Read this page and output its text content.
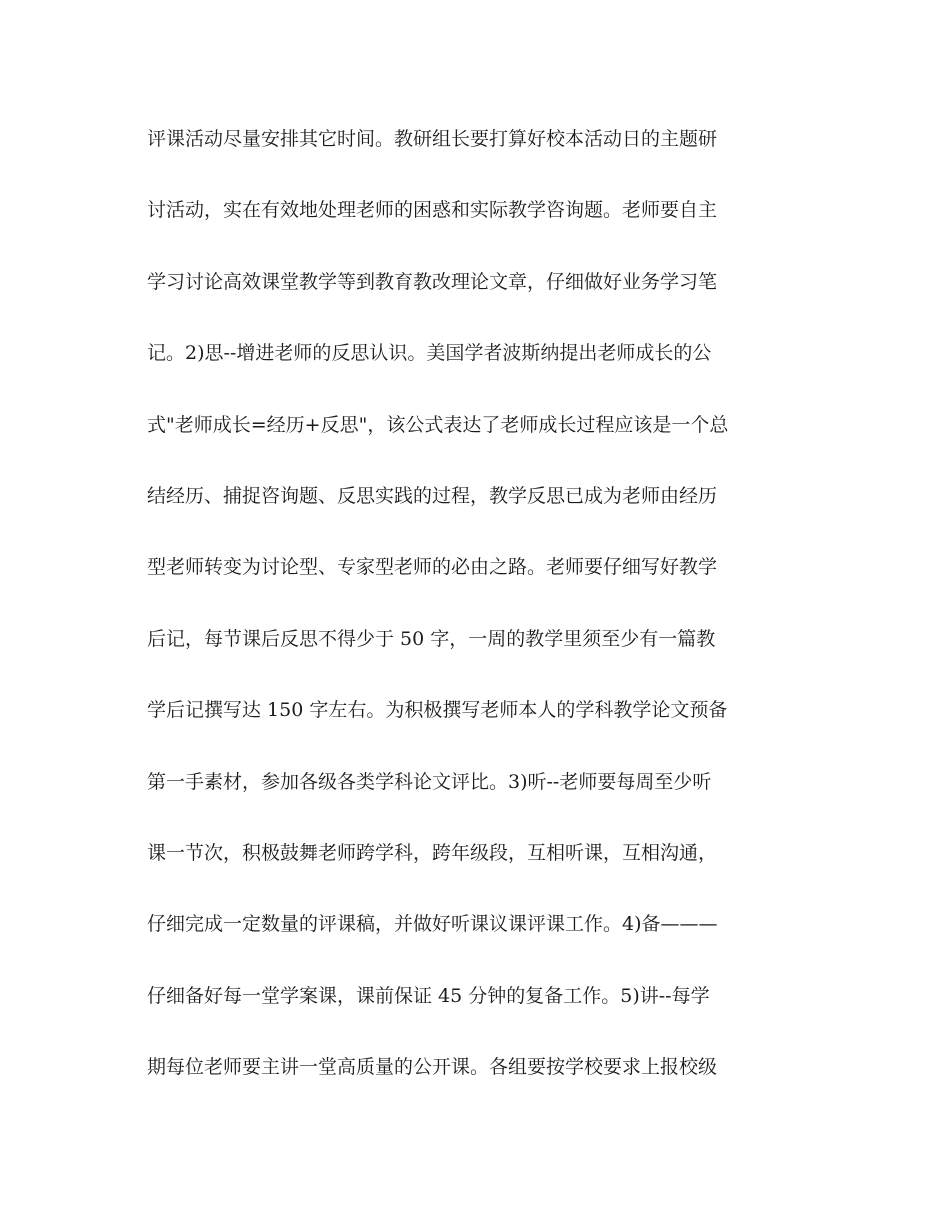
评课活动尽量安排其它时间。教研组长要打算好校本活动日的主题研
讨活动，实在有效地处理老师的困惑和实际教学咨询题。老师要自主
学习讨论高效课堂教学等到教育教改理论文章，仔细做好业务学习笔
记。2)思--增进老师的反思认识。美国学者波斯纳提出老师成长的公
式"老师成长=经历+反思"，该公式表达了老师成长过程应该是一个总
结经历、捕捉咨询题、反思实践的过程，教学反思已成为老师由经历
型老师转变为讨论型、专家型老师的必由之路。老师要仔细写好教学
后记，每节课后反思不得少于 50 字，一周的教学里须至少有一篇教
学后记撰写达 150 字左右。为积极撰写老师本人的学科教学论文预备
第一手素材，参加各级各类学科论文评比。3)听--老师要每周至少听
课一节次，积极鼓舞老师跨学科，跨年级段，互相听课，互相沟通，
仔细完成一定数量的评课稿，并做好听课议课评课工作。4)备———
仔细备好每一堂学案课，课前保证 45 分钟的复备工作。5)讲--每学
期每位老师要主讲一堂高质量的公开课。各组要按学校要求上报校级
